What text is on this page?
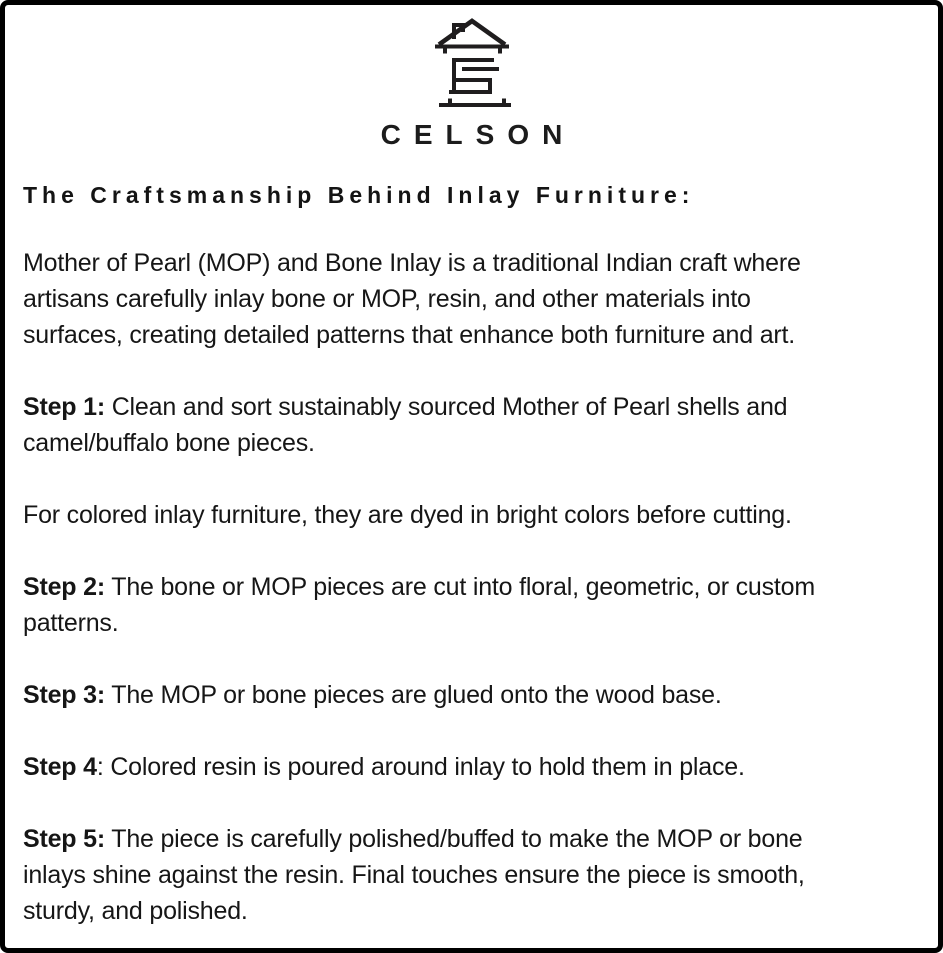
CELSON
The Craftsmanship Behind Inlay Furniture:

Mother of Pearl (MOP) and Bone Inlay is a traditional Indian craft where
artisans carefully inlay bone or MOP, resin, and other materials into
surfaces, creating detailed patterns that enhance both furniture and art.

Step 1: Clean and sort sustainably sourced Mother of Pearl shells and
camel/buffalo bone pieces.

For colored inlay furniture, they are dyed in bright colors before cutting.

Step 2: The bone or MOP pieces are cut into floral, geometric, or custom
patterns.

Step 3: The MOP or bone pieces are glued onto the wood base.

Step 4: Colored resin is poured around inlay to hold them in place.

Step 5: The piece is carefully polished/buffed to make the MOP or bone
inlays shine against the resin. Final touches ensure the piece is smooth,
sturdy, and polished.
